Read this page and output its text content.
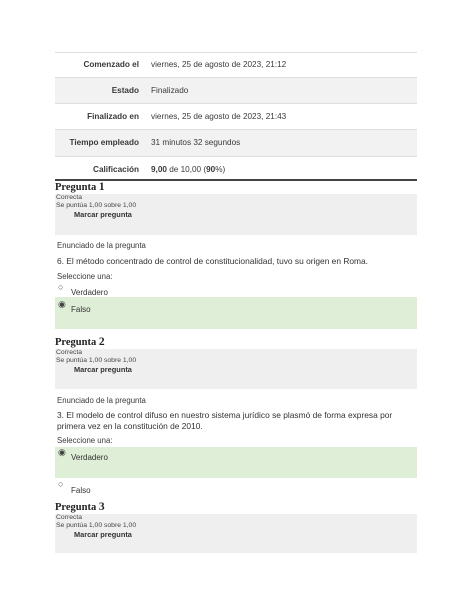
Comenzado el	viernes, 25 de agosto de 2023, 21:12
Estado	Finalizado
Finalizado en	viernes, 25 de agosto de 2023, 21:43
Tiempo empleado	31 minutos 32 segundos
Calificación	9,00 de 10,00 (90%)
Pregunta 1
Correcta
Se puntúa 1,00 sobre 1,00
Marcar pregunta
Enunciado de la pregunta
6. El método concentrado de control de constitucionalidad, tuvo su origen en Roma.
Seleccione una:
○
Verdadero
◉
Falso
Pregunta 2
Correcta
Se puntúa 1,00 sobre 1,00
Marcar pregunta
Enunciado de la pregunta
3. El modelo de control difuso en nuestro sistema jurídico se plasmó de forma expresa por primera vez en la constitución de 2010.
Seleccione una:
◉
Verdadero
○
Falso
Pregunta 3
Correcta
Se puntúa 1,00 sobre 1,00
Marcar pregunta
